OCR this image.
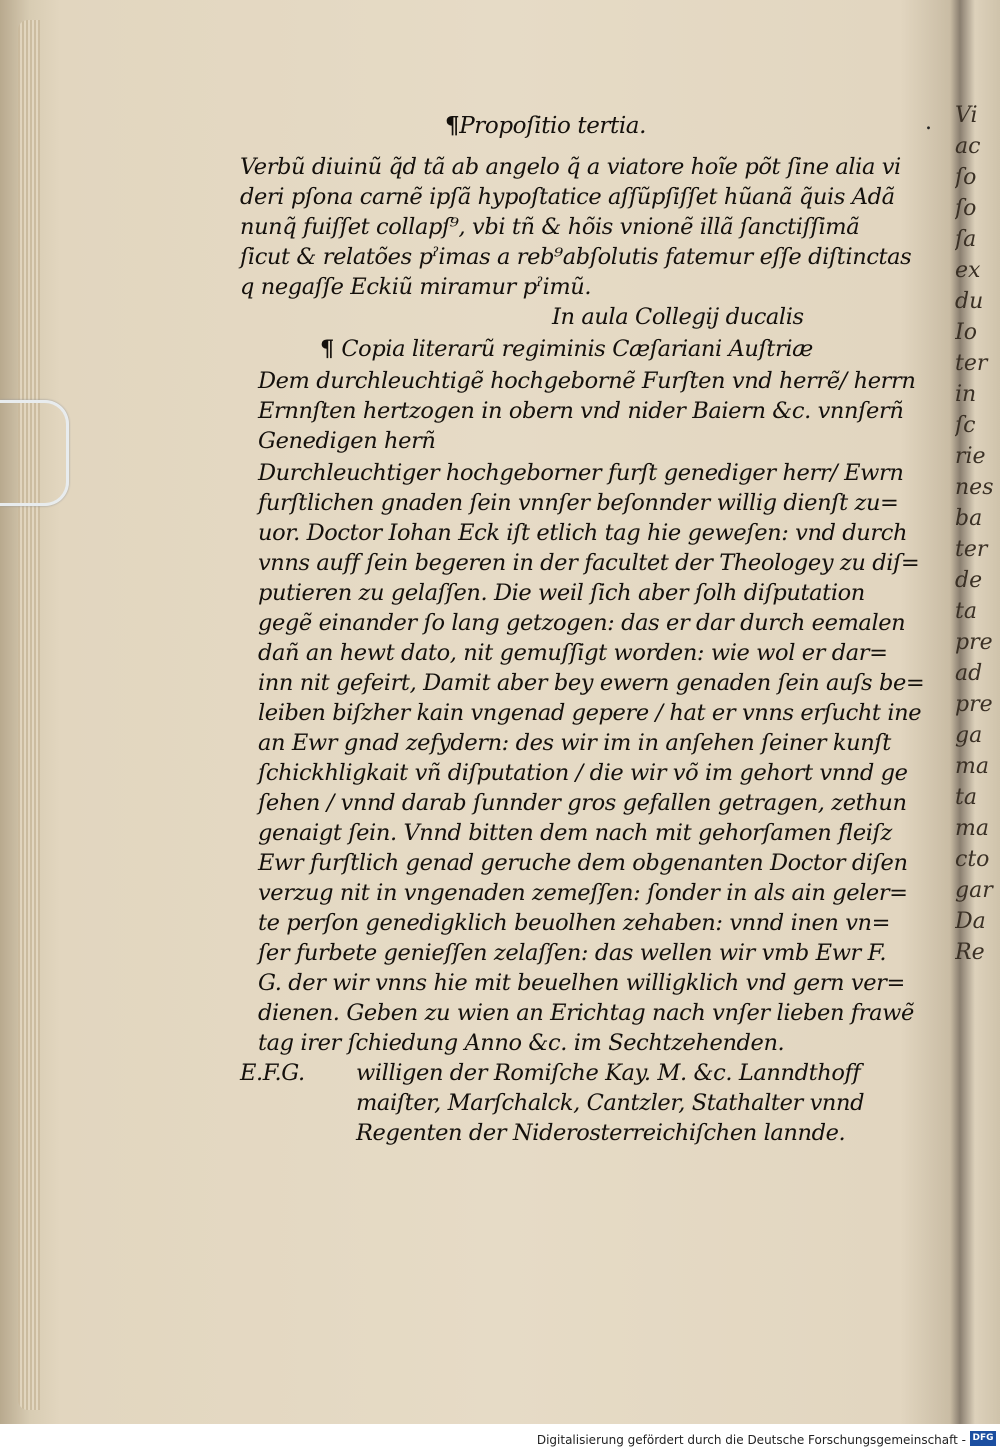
Vi
ac
ſo
ſo
ſa
ex
du
Io
ter
in
ſc
rie
nes
ba
ter
de
ta
pre
ad
pre
ga
ma
ta
ma
cto
gar
Da
Re
.
¶Propoſitio tertia.
Verbũ diuinũ q̃d tã ab angelo q̃ a viatore hoĩe põt ſine alia vi
deri pſona carnẽ ipſã hypoſtatice aſſũpſiſſet hũanã q̃uis Adã
nunq̃ fuiſſet collapſ⁹, vbi tñ & hõis vnionẽ illã ſanctiſſimã
ſicut & relatões pˀimas a reb⁹abſolutis fatemur eſſe diſtinctas
q negaſſe Eckiũ miramur pˀimũ.
In aula Collegij ducalis
¶ Copia literarũ regiminis Cæſariani Auſtriæ
Dem durchleuchtigẽ hochgebornẽ Furſten vnd herrẽ/ herrn
Ernnſten hertzogen in obern vnd nider Baiern &c. vnnſerñ
Genedigen herñ
Durchleuchtiger hochgeborner furſt genediger herr/ Ewrn
furſtlichen gnaden ſein vnnſer beſonnder willig dienſt zu=
uor. Doctor Iohan Eck iſt etlich tag hie geweſen: vnd durch
vnns auff ſein begeren in der facultet der Theologey zu diſ=
putieren zu gelaſſen. Die weil ſich aber ſolh diſputation
gegẽ einander ſo lang getzogen: das er dar durch eemalen
dañ an hewt dato, nit gemuſſigt worden: wie wol er dar=
inn nit gefeirt, Damit aber bey ewern genaden ſein auſs be=
leiben biſzher kain vngenad gepere / hat er vnns erſucht ine
an Ewr gnad zefydern: des wir im in anſehen ſeiner kunſt
ſchickhligkait vñ diſputation / die wir võ im gehort vnnd ge
ſehen / vnnd darab ſunnder gros gefallen getragen, zethun
genaigt ſein. Vnnd bitten dem nach mit gehorſamen fleiſz
Ewr furſtlich genad geruche dem obgenanten Doctor diſen
verzug nit in vngenaden zemeſſen: ſonder in als ain geler=
te perſon genedigklich beuolhen zehaben: vnnd inen vn=
ſer furbete genieſſen zelaſſen: das wellen wir vmb Ewr F.
G. der wir vnns hie mit beuelhen willigklich vnd gern ver=
dienen. Geben zu wien an Erichtag nach vnſer lieben frawẽ
tag irer ſchiedung Anno &c. im Sechtzehenden.
E.F.G. willigen der Romiſche Kay. M. &c. Lanndthoff
maiſter, Marſchalck, Cantzler, Stathalter vnnd
Regenten der Niderosterreichiſchen lannde.
Digitalisierung gefördert durch die Deutsche Forschungsgemeinschaft - DFG
